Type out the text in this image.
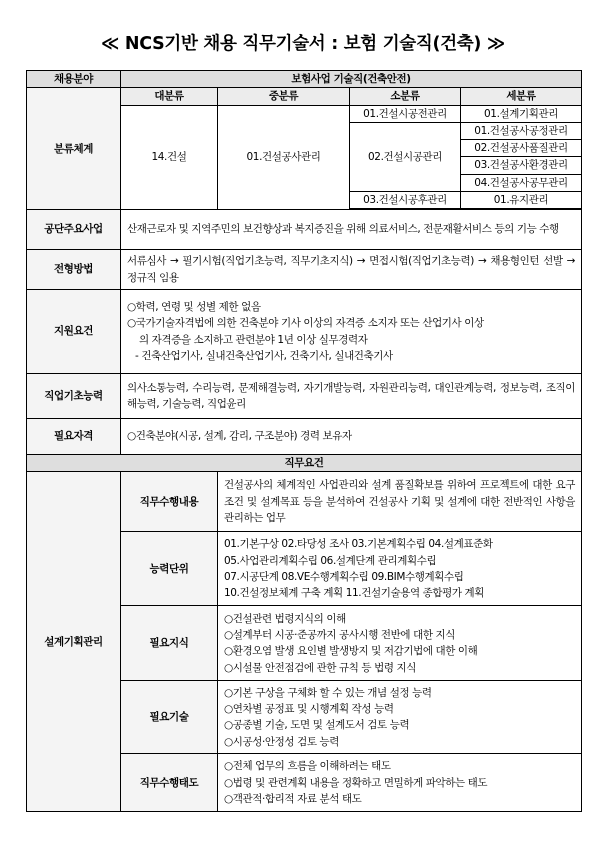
≪ NCS기반 채용 직무기술서 : 보험 기술직(건축) ≫
채용분야	보험사업 기술직(건축안전)			
분류체계	대분류	중분류	소분류	세분류
	14.건설	01.건설공사관리	01.건설시공전관리	01.설계기획관리
			02.건설시공관리	01.건설공사공정관리
				02.건설공사품질관리
				03.건설공사환경관리
				04.건설공사공무관리
			03.건설시공후관리	01.유지관리

공단주요사업	산재근로자 및 지역주민의 보건향상과 복지증진을 위해 의료서비스, 전문재활서비스 등의 기능 수행			
전형방법	서류심사 → 필기시험(직업기초능력, 직무기초지식) → 면접시험(직업기초능력) → 채용형인턴 선발 → 정규직 임용			
지원요건	○학력, 연령 및 성별 제한 없음
○국가기술자격법에 의한 건축분야 기사 이상의 자격증 소지자 또는 산업기사 이상
의 자격증을 소지하고 관련분야 1년 이상 실무경력자
- 건축산업기사, 실내건축산업기사, 건축기사, 실내건축기사			

직업기초능력	의사소통능력, 수리능력, 문제해결능력, 자기개발능력, 자원관리능력, 대인관계능력, 정보능력, 조직이해능력, 기술능력, 직업윤리			
필요자격	○건축분야(시공, 설계, 감리, 구조분야) 경력 보유자			
직무요건				
설계기획관리	직무수행내용	건설공사의 체계적인 사업관리와 설계 품질확보를 위하여 프로젝트에 대한 요구조건 및 설계목표 등을 분석하여 건설공사 기획 및 설계에 대한 전반적인 사항을 관리하는 업무		
	능력단위	01.기본구상 02.타당성 조사 03.기본계획수립 04.설계표준화
05.사업관리계획수립 06.설계단계 관리계획수립
07.시공단계 08.VE수행계획수립 09.BIM수행계획수립
10.건설정보체계 구축 계획 11.건설기술용역 종합평가 계획		

	필요지식	○건설관련 법령지식의 이해
○설계부터 시공·준공까지 공사시행 전반에 대한 지식
○환경오염 발생 요인별 발생방지 및 저감기법에 대한 이해
○시설물 안전점검에 관한 규칙 등 법령 지식		

	필요기술	○기본 구상을 구체화 할 수 있는 개념 설정 능력
○연차별 공정표 및 시행계획 작성 능력
○공종별 기술, 도면 및 설계도서 검토 능력
○시공성·안정성 검토 능력		

	직무수행태도	○전체 업무의 흐름을 이해하려는 태도
○법령 및 관련계획 내용을 정확하고 면밀하게 파악하는 태도
○객관적·합리적 자료 분석 태도		
